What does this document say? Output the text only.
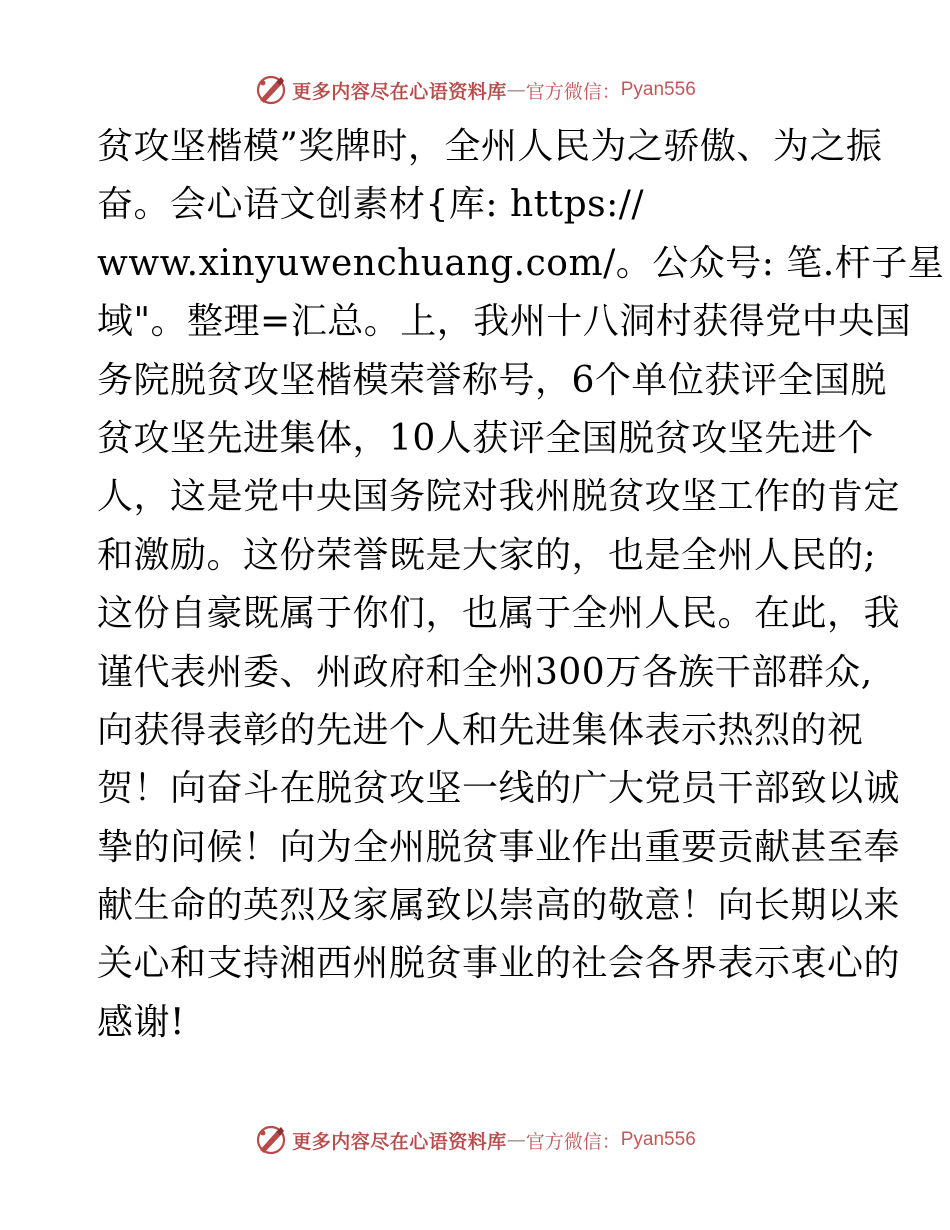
更多内容尽在心语资料库 — 官方微信： Pyan556
贫攻坚楷模”奖牌时，全州人民为之骄傲、为之振
奋。会心语文创素材{库: https://
www.xinyuwenchuang.com/。公众号: 笔.杆子星
域"。整理=汇总。上，我州十八洞村获得党中央国
务院脱贫攻坚楷模荣誉称号，6个单位获评全国脱
贫攻坚先进集体，10人获评全国脱贫攻坚先进个
人，这是党中央国务院对我州脱贫攻坚工作的肯定
和激励。这份荣誉既是大家的，也是全州人民的;
这份自豪既属于你们，也属于全州人民。在此，我
谨代表州委、州政府和全州300万各族干部群众,
向获得表彰的先进个人和先进集体表示热烈的祝
贺！向奋斗在脱贫攻坚一线的广大党员干部致以诚
挚的问候！向为全州脱贫事业作出重要贡献甚至奉
献生命的英烈及家属致以崇高的敬意！向长期以来
关心和支持湘西州脱贫事业的社会各界表示衷心的
感谢!
更多内容尽在心语资料库 — 官方微信： Pyan556
